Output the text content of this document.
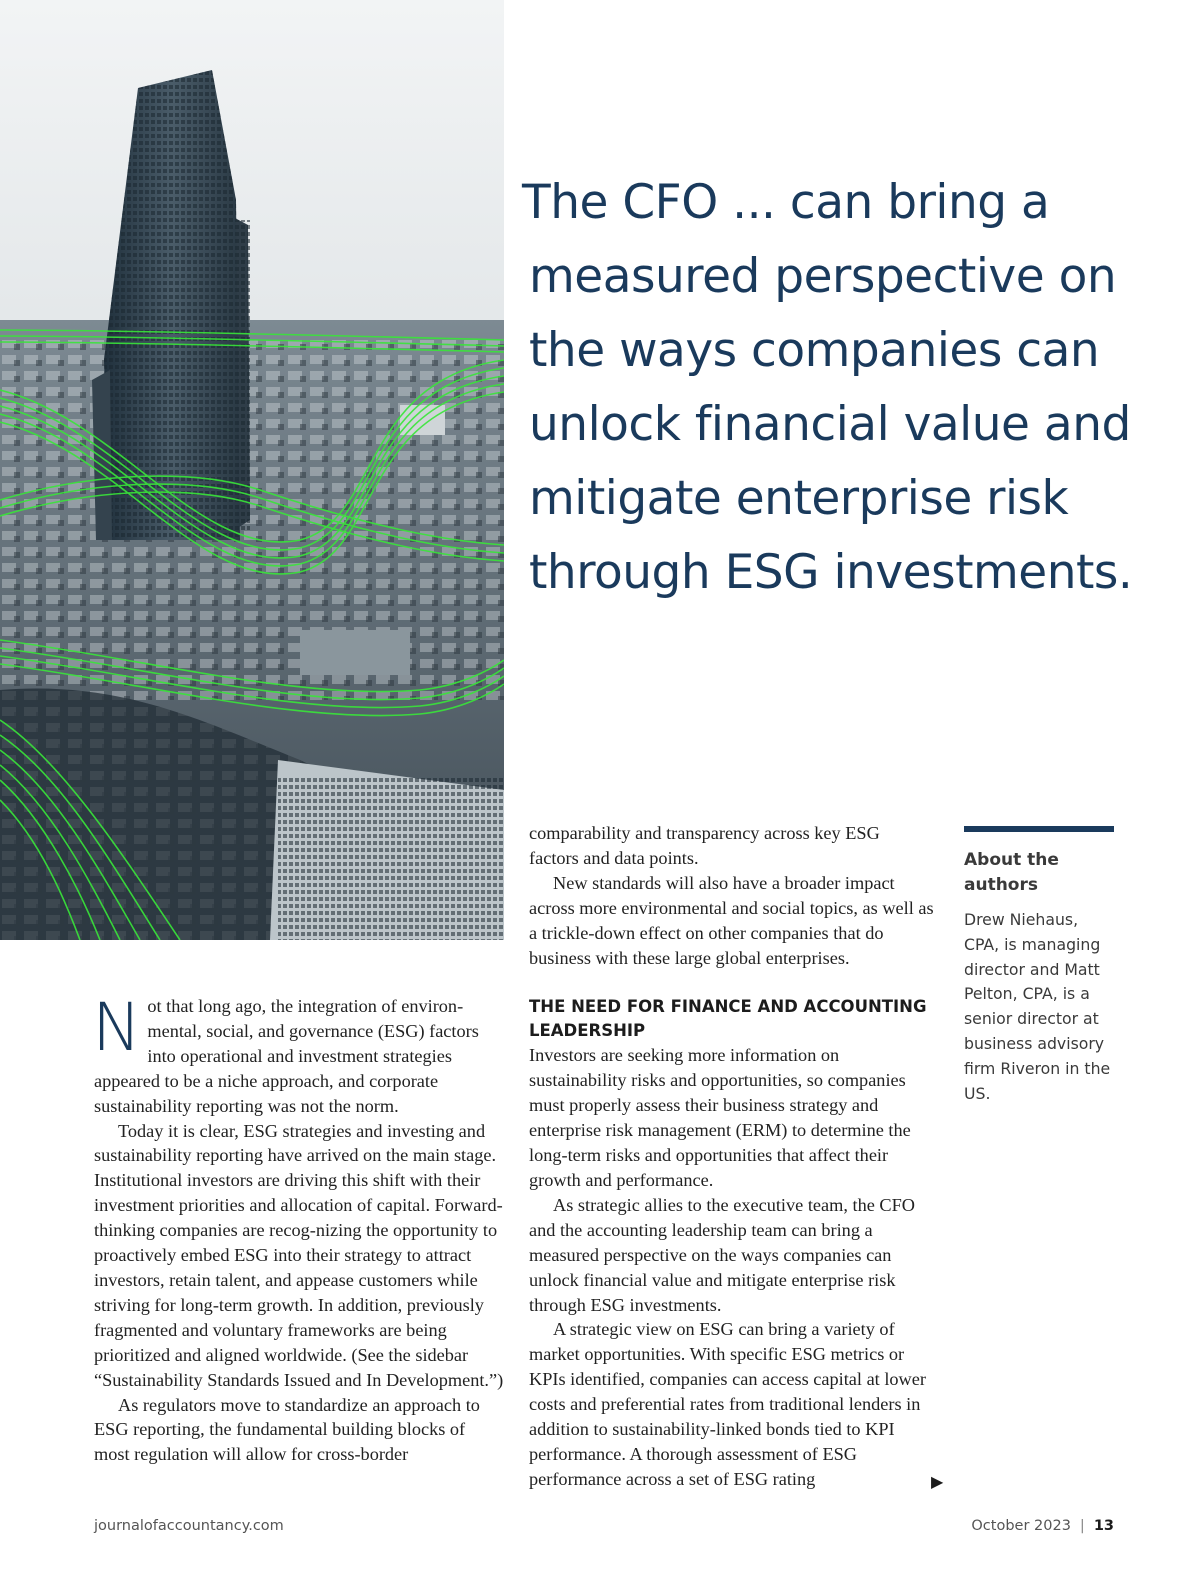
The CFO ... can bring a
measured perspective on
the ways companies can
unlock financial value and
mitigate enterprise risk
through ESG investments.

Not that long ago, the integration of environ-mental, social, and governance (ESG) factors into operational and investment strategies appeared to be a niche approach, and corporate sustainability reporting was not the norm.

Today it is clear, ESG strategies and investing and sustainability reporting have arrived on the main stage. Institutional investors are driving this shift with their investment priorities and allocation of capital. Forward-thinking companies are recog-nizing the opportunity to proactively embed ESG into their strategy to attract investors, retain talent, and appease customers while striving for long-term growth. In addition, previously fragmented and voluntary frameworks are being prioritized and aligned worldwide. (See the sidebar “Sustainability Standards Issued and In Development.”)

As regulators move to standardize an approach to ESG reporting, the fundamental building blocks of most regulation will allow for cross-border

comparability and transparency across key ESG factors and data points.

New standards will also have a broader impact across more environmental and social topics, as well as a trickle-down effect on other companies that do business with these large global enterprises.

THE NEED FOR FINANCE AND ACCOUNTING LEADERSHIP

Investors are seeking more information on sustainability risks and opportunities, so companies must properly assess their business strategy and enterprise risk management (ERM) to determine the long-term risks and opportunities that affect their growth and performance.

As strategic allies to the executive team, the CFO and the accounting leadership team can bring a measured perspective on the ways companies can unlock financial value and mitigate enterprise risk through ESG investments.

A strategic view on ESG can bring a variety of market opportunities. With specific ESG metrics or KPIs identified, companies can access capital at lower costs and preferential rates from traditional lenders in addition to sustainability-linked bonds tied to KPI performance. A thorough assessment of ESG performance across a set of ESG rating	▶
About the authors
Drew Niehaus, CPA, is managing director and Matt Pelton, CPA, is a senior director at business advisory firm Riveron in the US.
journalofaccountancy.com	October 2023 | 13
